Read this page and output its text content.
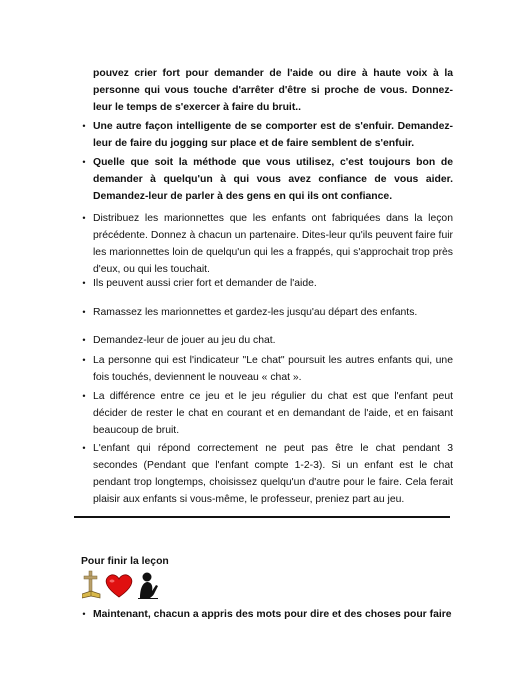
pouvez crier fort pour demander de l'aide ou dire à haute voix à la personne qui vous touche d'arrêter d'être si proche de vous. Donnez-leur le temps de s'exercer à faire du bruit..
• Une autre façon intelligente de se comporter est de s'enfuir. Demandez-leur de faire du jogging sur place et de faire semblent de s'enfuir.
• Quelle que soit la méthode que vous utilisez, c'est toujours bon de demander à quelqu'un à qui vous avez confiance de vous aider. Demandez-leur de parler à des gens en qui ils ont confiance.
• Distribuez les marionnettes que les enfants ont fabriquées dans la leçon précédente. Donnez à chacun un partenaire. Dites-leur qu'ils peuvent faire fuir les marionnettes loin de quelqu'un qui les a frappés, qui s'approchait trop près d'eux, ou qui les touchait.
• Ils peuvent aussi crier fort et demander de l'aide.
• Ramassez les marionnettes et gardez-les jusqu'au départ des enfants.
• Demandez-leur de jouer au jeu du chat.
• La personne qui est l'indicateur "Le chat" poursuit les autres enfants qui, une fois touchés, deviennent le nouveau « chat ».
• La différence entre ce jeu et le jeu régulier du chat est que l'enfant peut décider de rester le chat en courant et en demandant de l'aide, et en faisant beaucoup de bruit.
• L'enfant qui répond correctement ne peut pas être le chat pendant 3 secondes (Pendant que l'enfant compte 1-2-3). Si un enfant est le chat pendant trop longtemps, choisissez quelqu'un d'autre pour le faire. Cela ferait plaisir aux enfants si vous-même, le professeur, preniez part au jeu.
Pour finir la leçon
• Maintenant, chacun a appris des mots pour dire et des choses pour faire
